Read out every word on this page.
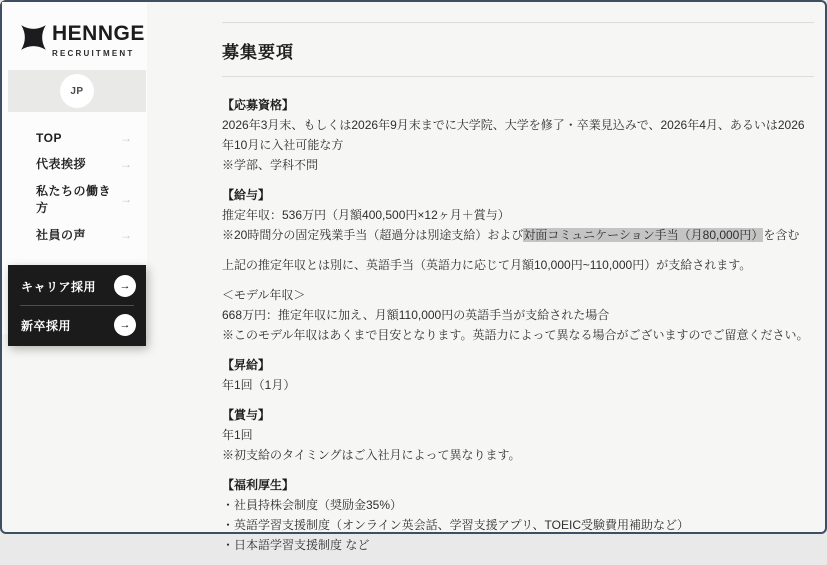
HENNGE
RECRUITMENT
JP
TOP	→
代表挨拶	→
私たちの働き方
→
社員の声	→
キャリア採用 →
新卒採用	→
募集要項
【応募資格】
2026年3月末、もしくは2026年9月末までに大学院、大学を修了・卒業見込みで、2026年4月、あるいは2026年10月に入社可能な方
※学部、学科不問
【給与】
推定年収：536万円（月額400,500円×12ヶ月＋賞与）
※20時間分の固定残業手当（超過分は別途支給）および対面コミュニケーション手当（月80,000円）を含む
上記の推定年収とは別に、英語手当（英語力に応じて月額10,000円~110,000円）が支給されます。
＜モデル年収＞
668万円：推定年収に加え、月額110,000円の英語手当が支給された場合
※このモデル年収はあくまで目安となります。英語力によって異なる場合がございますのでご留意ください。
【昇給】
年1回（1月）
【賞与】
年1回
※初支給のタイミングはご入社月によって異なります。
【福利厚生】
・社員持株会制度（奨励金35%）
・英語学習支援制度（オンライン英会話、学習支援アプリ、TOEIC受験費用補助など）
・日本語学習支援制度 など
